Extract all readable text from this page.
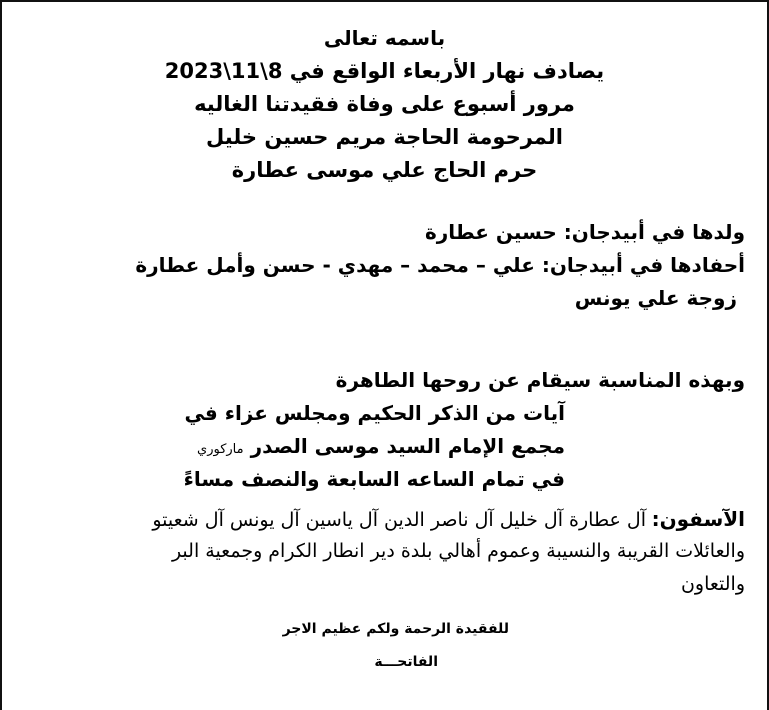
باسمه تعالى
يصادف نهار الأربعاء الواقع في 8\11\2023
مرور أسبوع على وفاة فقيدتنا الغاليه
المرحومة الحاجة مريم حسين خليل
حرم الحاج علي موسى عطارة
ولدها في أبيدجان: حسين عطارة
أحفادها في أبيدجان: علي – محمد – مهدي - حسن وأمل عطارة
زوجة علي يونس
وبهذه المناسبة سيقام عن روحها الطاهرة
آيات من الذكر الحكيم ومجلس عزاء في
مجمع الإمام السيد موسى الصدر ماركوري
في تمام الساعه السابعة والنصف مساءً
الآسفون: آل عطارة آل خليل آل ناصر الدين آل ياسين آل يونس آل شعيتو
والعائلات القريبة والنسيبة وعموم أهالي بلدة دير انطار الكرام وجمعية البر
والتعاون
للفقيدة الرحمة ولكم عظيم الاجر
الفاتحـــة
